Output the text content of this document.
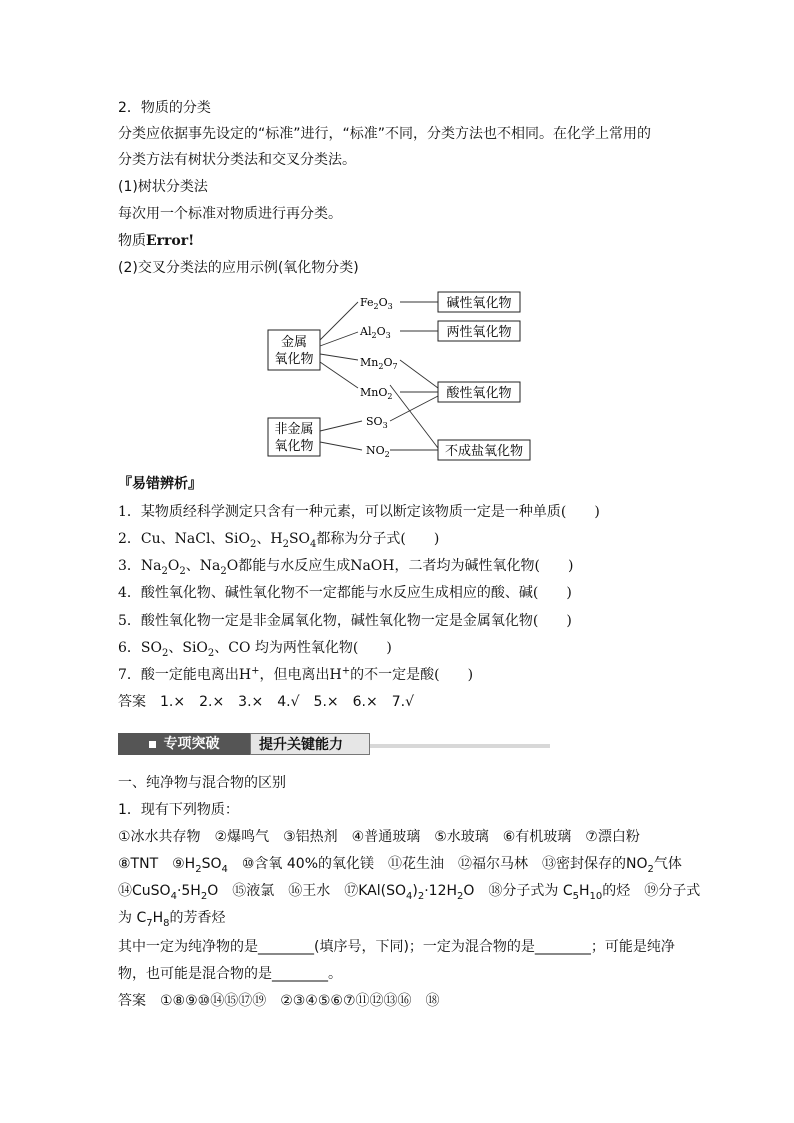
2．物质的分类
分类应依据事先设定的“标准”进行，“标准”不同，分类方法也不相同。在化学上常用的
分类方法有树状分类法和交叉分类法。
(1)树状分类法
每次用一个标准对物质进行再分类。
物质Error!
(2)交叉分类法的应用示例(氧化物分类)
金属
氧化物
非金属
氧化物
$Fe_2O_3$
$Al_2O_3$
$Mn_2O_7$
MnO$_2$
$SO_3$
$NO_2$
碱性氧化物
两性氧化物
酸性氧化物
不成盐氧化物
『易错辨析』
1．某物质经科学测定只含有一种元素，可以断定该物质一定是一种单质(　　)
2．Cu、NaCl、SiO$_2$、$H_2SO_4$都称为分子式(　　)
3．$Na_2O_2$、$Na_2O$都能与水反应生成NaOH，二者均为碱性氧化物(　　)
4．酸性氧化物、碱性氧化物不一定都能与水反应生成相应的酸、碱(　　)
5．酸性氧化物一定是非金属氧化物，碱性氧化物一定是金属氧化物(　　)
6．$SO_2$、SiO$_2$、CO 均为两性氧化物(　　)
7．酸一定能电离出H+，但电离出H+的不一定是酸(　　)
答案　1.×　2.×　3.×　4.√　5.×　6.×　7.√
专项突破	提升关键能力
一、纯净物与混合物的区别
1．现有下列物质：
①冰水共存物　②爆鸣气　③铝热剂　④普通玻璃　⑤水玻璃　⑥有机玻璃　⑦漂白粉
⑧TNT　$⑨H_2SO_4$　⑩含氧 40%的氧化镁　⑪花生油　⑫福尔马林　⑬密封保存的$NO_2$气体
$⑭CuSO_4\cdot 5H_2O$　⑮液氯　⑯王水　$⑰KAl(SO_4)_2\cdot 12H_2O$　⑱分子式为 $C_5H_{10}$的烃　⑲分子式
为 $C_7H_8$的芳香烃
其中一定为纯净物的是________(填序号，下同)；一定为混合物的是________；可能是纯净
物，也可能是混合物的是________。
答案　①⑧⑨⑩⑭⑮⑰⑲　②③④⑤⑥⑦⑪⑫⑬⑯　⑱
